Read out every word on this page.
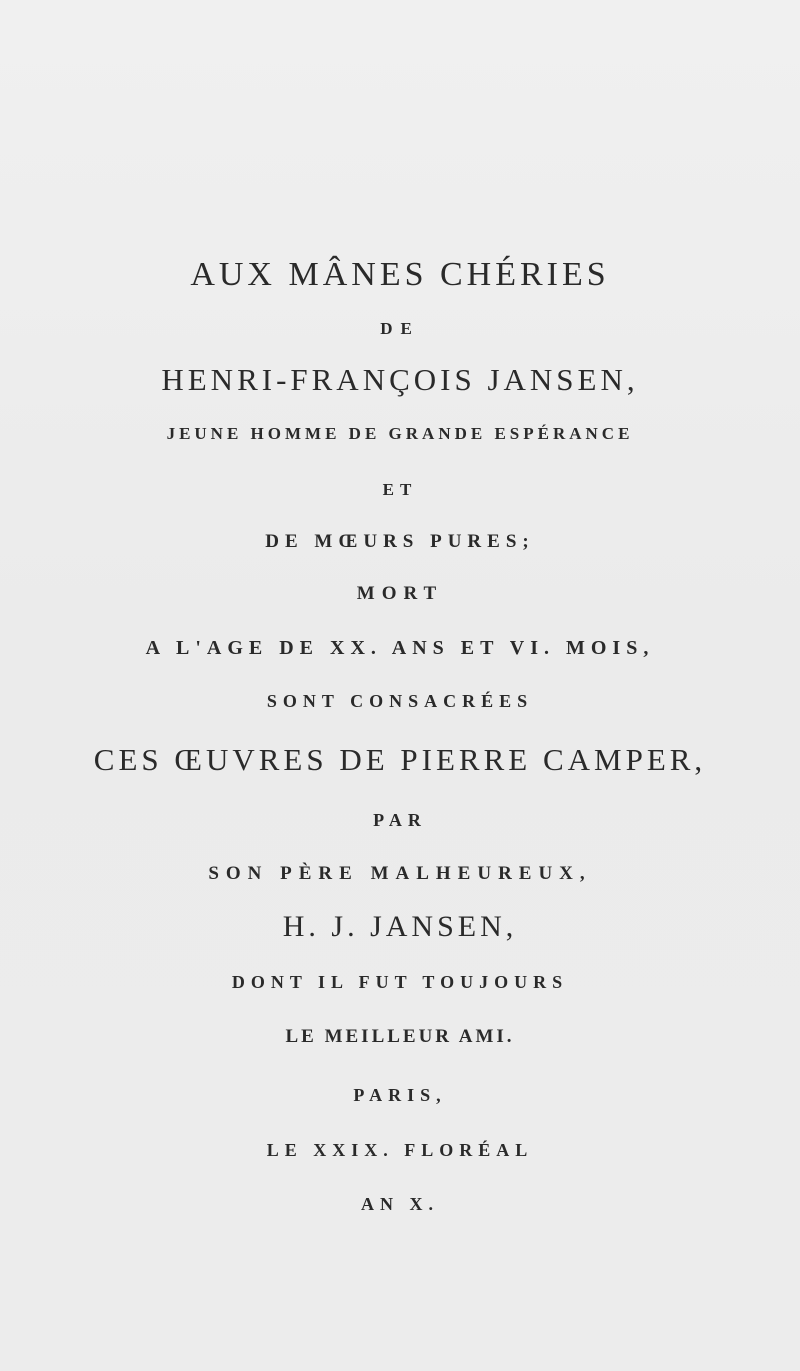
AUX MÂNES CHÉRIES
DE
HENRI-FRANÇOIS JANSEN,
JEUNE HOMME DE GRANDE ESPÉRANCE
ET
DE MŒURS PURES;
MORT
A L'AGE DE XX. ANS ET VI. MOIS,
SONT CONSACRÉES
CES ŒUVRES DE PIERRE CAMPER,
PAR
SON PÈRE MALHEUREUX,
H. J. JANSEN,
DONT IL FUT TOUJOURS
LE MEILLEUR AMI.
PARIS,
LE XXIX. FLORÉAL
AN X.
